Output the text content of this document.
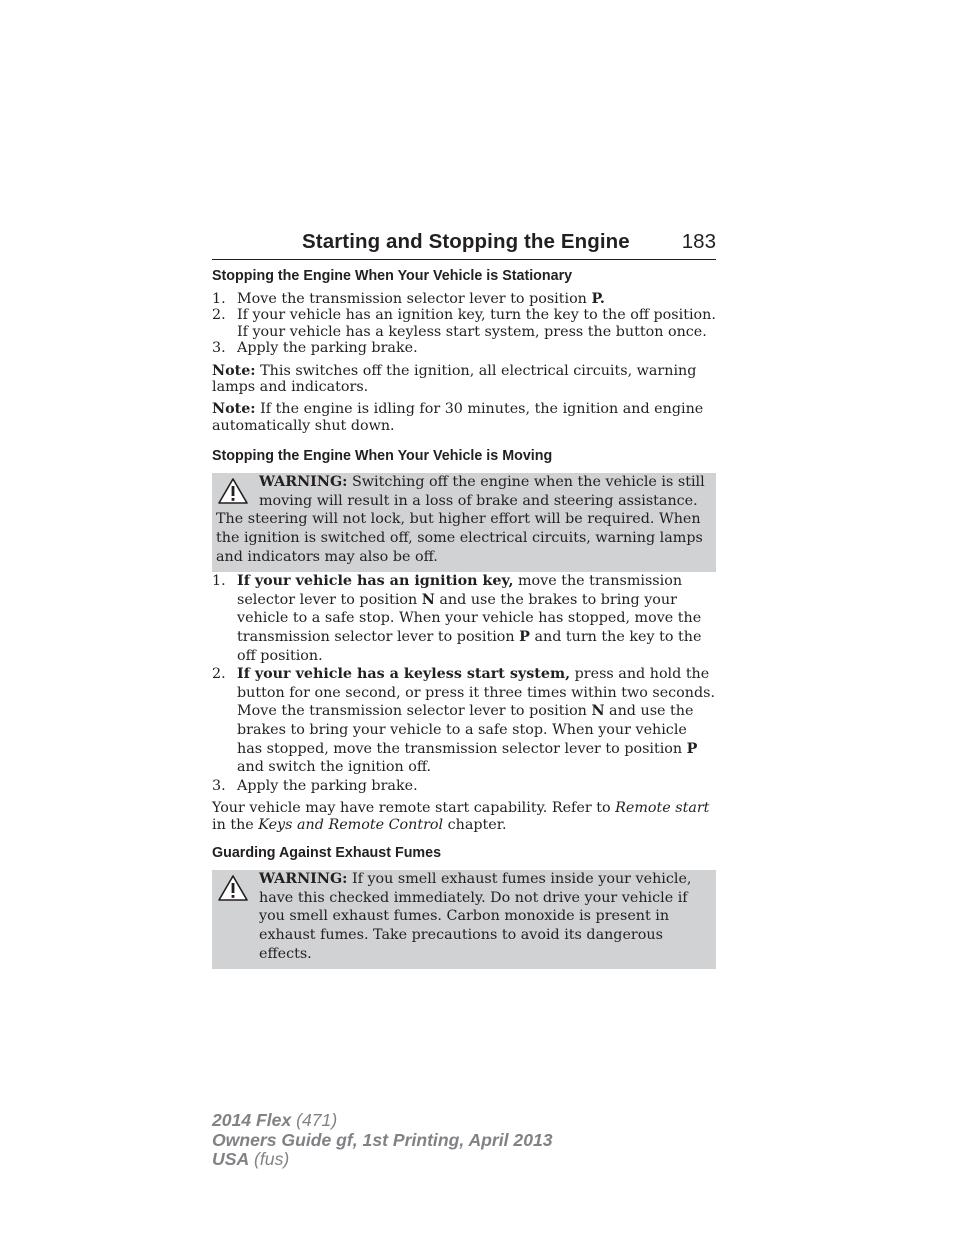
Starting and Stopping the Engine	183
Stopping the Engine When Your Vehicle is Stationary
1. Move the transmission selector lever to position P.
2. If your vehicle has an ignition key, turn the key to the off position. If your vehicle has a keyless start system, press the button once.
3. Apply the parking brake.

Note: This switches off the ignition, all electrical circuits, warning lamps and indicators.

Note: If the engine is idling for 30 minutes, the ignition and engine automatically shut down.

Stopping the Engine When Your Vehicle is Moving
WARNING: Switching off the engine when the vehicle is still moving will result in a loss of brake and steering assistance.
The steering will not lock, but higher effort will be required. When the ignition is switched off, some electrical circuits, warning lamps and indicators may also be off.
1. If your vehicle has an ignition key, move the transmission selector lever to position N and use the brakes to bring your vehicle to a safe stop. When your vehicle has stopped, move the transmission selector lever to position P and turn the key to the off position.
2. If your vehicle has a keyless start system, press and hold the button for one second, or press it three times within two seconds. Move the transmission selector lever to position N and use the brakes to bring your vehicle to a safe stop. When your vehicle has stopped, move the transmission selector lever to position P and switch the ignition off.
3. Apply the parking brake.

Your vehicle may have remote start capability. Refer to Remote start in the Keys and Remote Control chapter.

Guarding Against Exhaust Fumes
WARNING: If you smell exhaust fumes inside your vehicle, have this checked immediately. Do not drive your vehicle if you smell exhaust fumes. Carbon monoxide is present in exhaust fumes. Take precautions to avoid its dangerous effects.
2014 Flex (471)
Owners Guide gf, 1st Printing, April 2013
USA (fus)
